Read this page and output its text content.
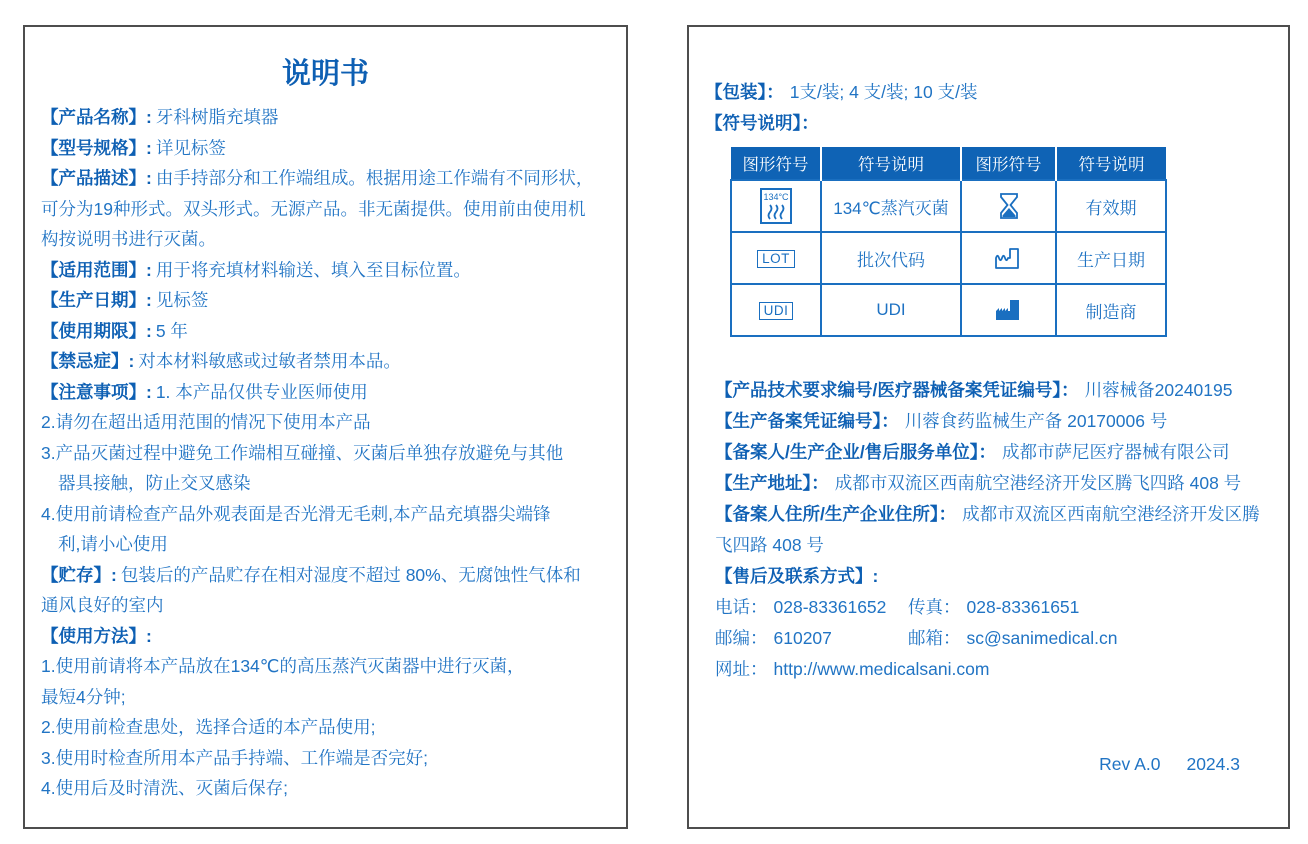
说明书
【产品名称】: 牙科树脂充填器
【型号规格】: 详见标签
【产品描述】: 由手持部分和工作端组成。根据用途工作端有不同形状，
可分为19种形式。双头形式。无源产品。非无菌提供。使用前由使用机
构按说明书进行灭菌。
【适用范围】: 用于将充填材料输送、填入至目标位置。
【生产日期】: 见标签
【使用期限】: 5 年
【禁忌症】: 对本材料敏感或过敏者禁用本品。
【注意事项】: 1. 本产品仅供专业医师使用
2.请勿在超出适用范围的情况下使用本产品
3.产品灭菌过程中避免工作端相互碰撞、灭菌后单独存放避免与其他
器具接触，防止交叉感染
4.使用前请检查产品外观表面是否光滑无毛刺,本产品充填器尖端锋
利,请小心使用
【贮存】: 包装后的产品贮存在相对湿度不超过 80%、无腐蚀性气体和
通风良好的室内
【使用方法】:
1.使用前请将本产品放在134℃的高压蒸汽灭菌器中进行灭菌，
最短4分钟;
2.使用前检查患处，选择合适的本产品使用;
3.使用时检查所用本产品手持端、工作端是否完好;
4.使用后及时清洗、灭菌后保存;
【包装】： 1支/装; 4 支/装; 10 支/装
【符号说明】：
图形符号	符号说明	图形符号	符号说明

134°C	134℃蒸汽灭菌		有效期
LOT	批次代码		生产日期
UDI	UDI		制造商
【产品技术要求编号/医疗器械备案凭证编号】： 川蓉械备20240195
【生产备案凭证编号】： 川蓉食药监械生产备 20170006 号
【备案人/生产企业/售后服务单位】： 成都市萨尼医疗器械有限公司
【生产地址】： 成都市双流区西南航空港经济开发区腾飞四路 408 号
【备案人住所/生产企业住所】： 成都市双流区西南航空港经济开发区腾
飞四路 408 号
【售后及联系方式】:
电话： 028-83361652 传真： 028-83361651
邮编： 610207	邮箱： sc@sanimedical.cn
网址： http://www.medicalsani.com
Rev A.0 2024.3
